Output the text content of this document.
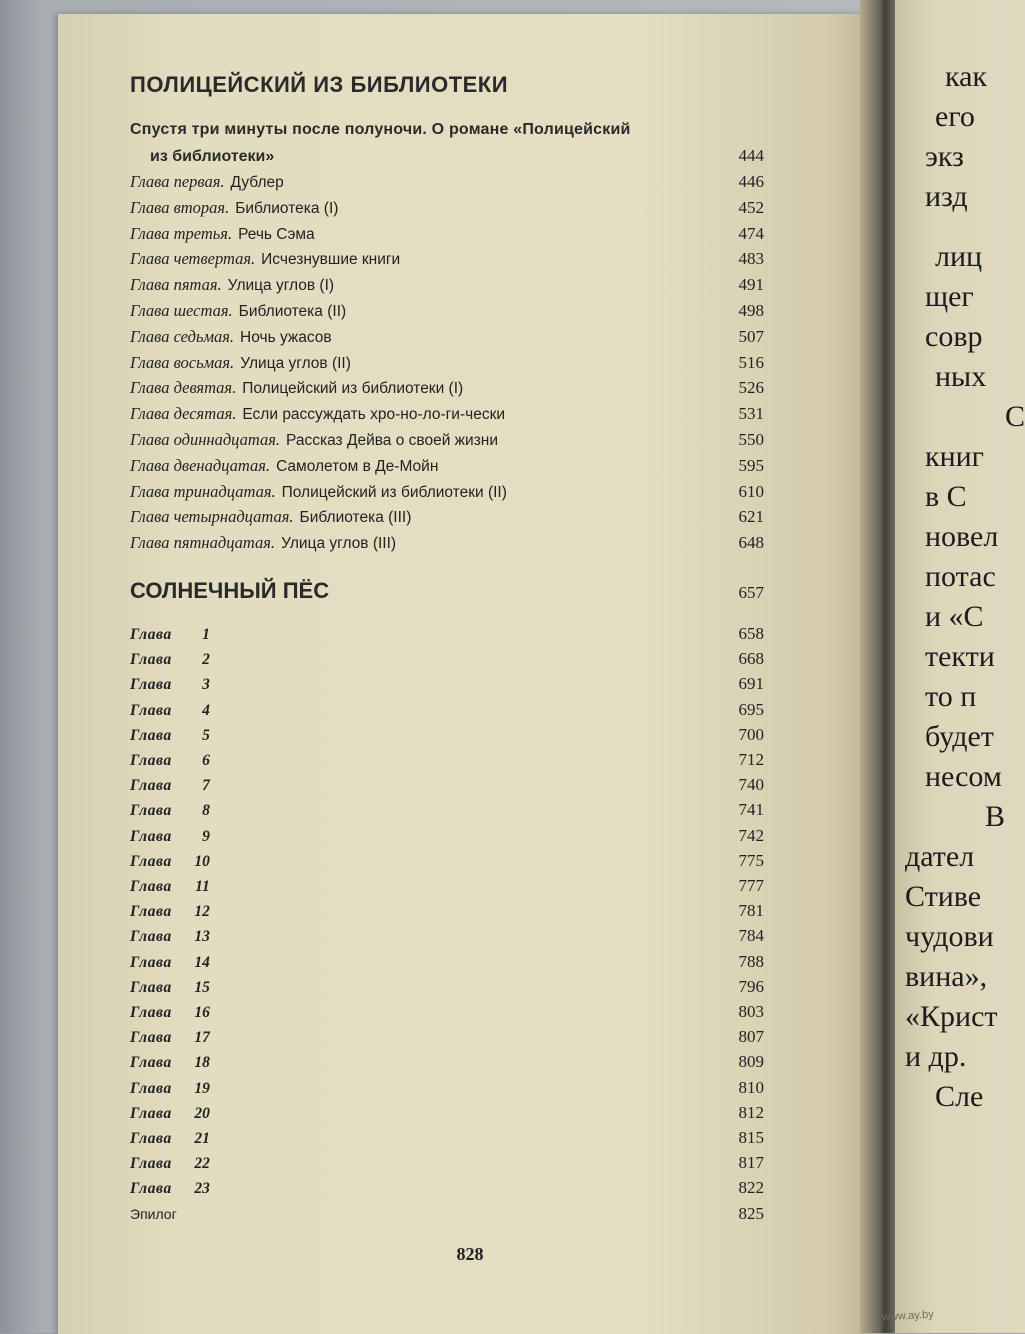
как
его
экз
изд
лиц
щег
совр
ных
С
книг
в С
новел
потас
и «С
текти
то п
будет
несом
В
дател
Стиве
чудови
вина»,
«Крист
и др.
Сле
ПОЛИЦЕЙСКИЙ ИЗ БИБЛИОТЕКИ
Спустя три минуты после полуночи. О романе «Полицейский
из библиотеки»	444
Глава первая. Дублер	446
Глава вторая. Библиотека (I)	452
Глава третья. Речь Сэма	474
Глава четвертая. Исчезнувшие книги	483
Глава пятая. Улица углов (I)	491
Глава шестая. Библиотека (II)	498
Глава седьмая. Ночь ужасов	507
Глава восьмая. Улица углов (II)	516
Глава девятая. Полицейский из библиотеки (I)	526
Глава десятая. Если рассуждать хро-но-ло-ги-чески	531
Глава одиннадцатая. Рассказ Дейва о своей жизни	550
Глава двенадцатая. Самолетом в Де-Мойн	595
Глава тринадцатая. Полицейский из библиотеки (II)	610
Глава четырнадцатая. Библиотека (III)	621
Глава пятнадцатая. Улица углов (III)	648
СОЛНЕЧНЫЙ ПЁС	657
Глава 1	658
Глава 2	668
Глава 3	691
Глава 4	695
Глава 5	700
Глава 6	712
Глава 7	740
Глава 8	741
Глава 9	742
Глава 10	775
Глава 11	777
Глава 12	781
Глава 13	784
Глава 14	788
Глава 15	796
Глава 16	803
Глава 17	807
Глава 18	809
Глава 19	810
Глава 20	812
Глава 21	815
Глава 22	817
Глава 23	822
Эпилог	825
828
www.ay.by
